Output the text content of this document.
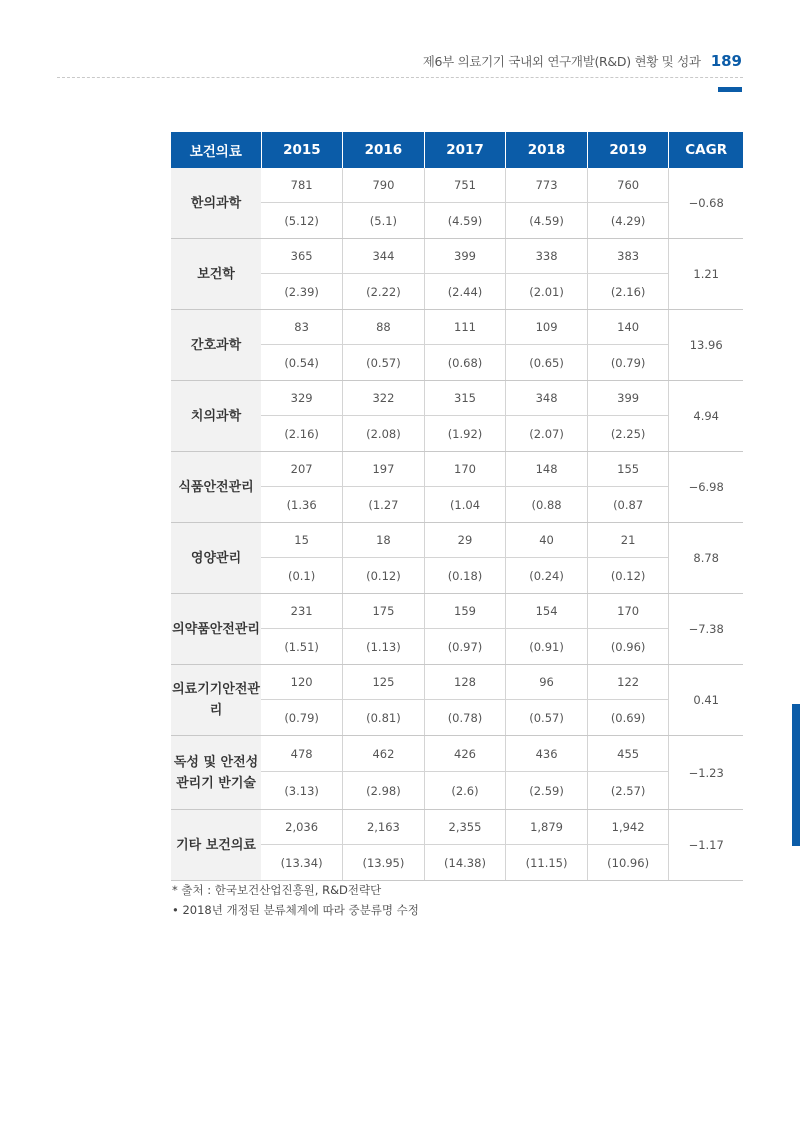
제6부 의료기기 국내외 연구개발(R&D) 현황 및 성과 189
보건의료	2015	2016	2017	2018	2019	CAGR
한의과학	781	790	751	773	760	−0.68
	(5.12)	(5.1)	(4.59)	(4.59)	(4.29)	
보건학	365	344	399	338	383	1.21
	(2.39)	(2.22)	(2.44)	(2.01)	(2.16)	
간호과학	83	88	111	109	140	13.96
	(0.54)	(0.57)	(0.68)	(0.65)	(0.79)	
치의과학	329	322	315	348	399	4.94
	(2.16)	(2.08)	(1.92)	(2.07)	(2.25)	
식품안전관리	207	197	170	148	155	−6.98
	(1.36	(1.27	(1.04	(0.88	(0.87	
영양관리	15	18	29	40	21	8.78
	(0.1)	(0.12)	(0.18)	(0.24)	(0.12)	
의약품안전관리	231	175	159	154	170	−7.38
	(1.51)	(1.13)	(0.97)	(0.91)	(0.96)	
의료기기안전관리	120	125	128	96	122	0.41
	(0.79)	(0.81)	(0.78)	(0.57)	(0.69)	
독성 및 안전성 관리기 반기술	478	462	426	436	455	−1.23
	(3.13)	(2.98)	(2.6)	(2.59)	(2.57)	
기타 보건의료	2,036	2,163	2,355	1,879	1,942	−1.17
	(13.34)	(13.95)	(14.38)	(11.15)	(10.96)	
* 출처 : 한국보건산업진흥원, R&D전략단
• 2018년 개정된 분류체계에 따라 중분류명 수정
